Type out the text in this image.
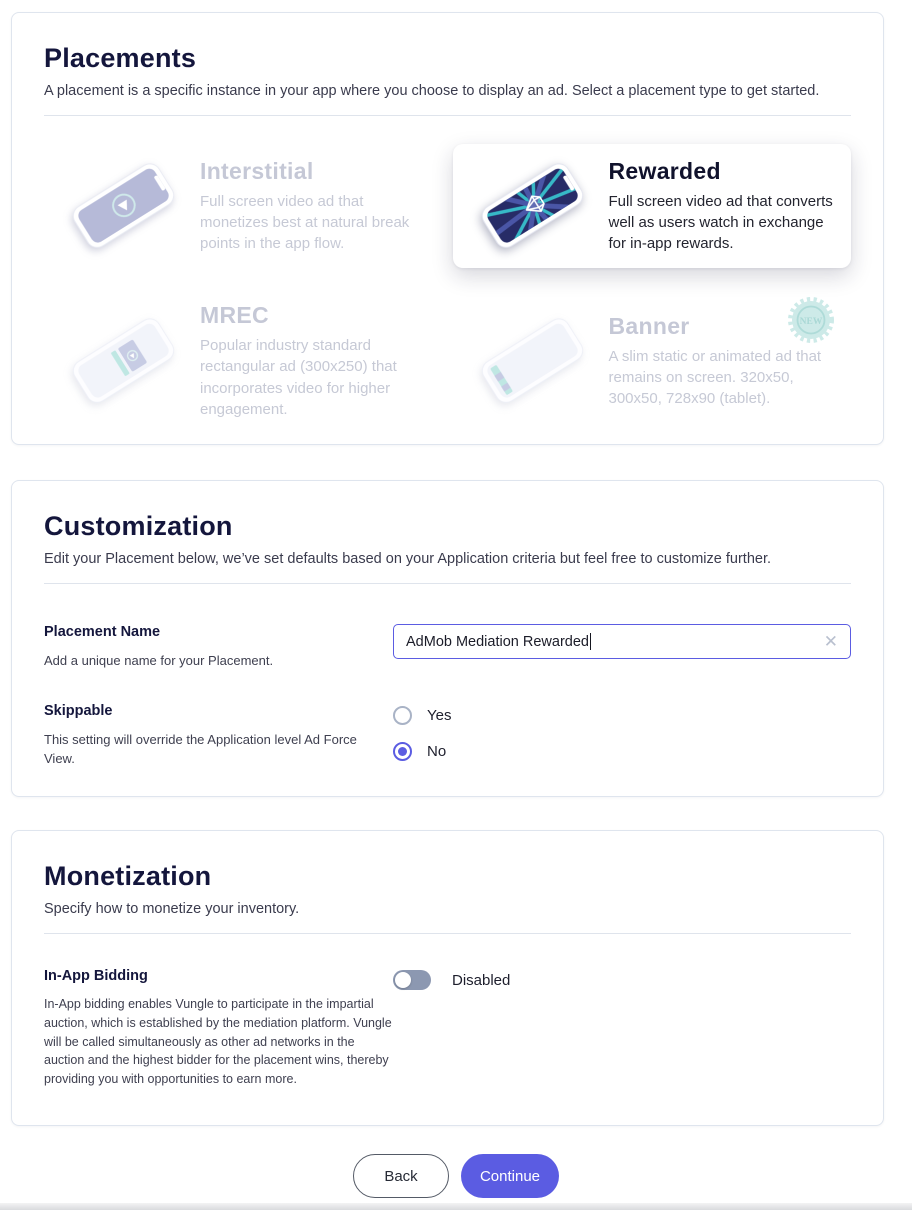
Placements
A placement is a specific instance in your app where you choose to display an ad. Select a placement type to get started.
Interstitial
Full screen video ad that monetizes best at natural break points in the app flow.
Rewarded
Full screen video ad that converts well as users watch in exchange for in-app rewards.
MREC
Popular industry standard rectangular ad (300x250) that incorporates video for higher engagement.
Banner
A slim static or animated ad that remains on screen. 320x50, 300x50, 728x90 (tablet).
NEW
Customization
Edit your Placement below, we’ve set defaults based on your Application criteria but feel free to customize further.
Placement Name
Add a unique name for your Placement.
AdMob Mediation Rewarded	✕
Skippable
This setting will override the Application level Ad Force View.
Yes
No
Monetization
Specify how to monetize your inventory.
In-App Bidding
In-App bidding enables Vungle to participate in the impartial auction, which is established by the mediation platform. Vungle will be called simultaneously as other ad networks in the auction and the highest bidder for the placement wins, thereby providing you with opportunities to earn more.
Disabled
Back	Continue
